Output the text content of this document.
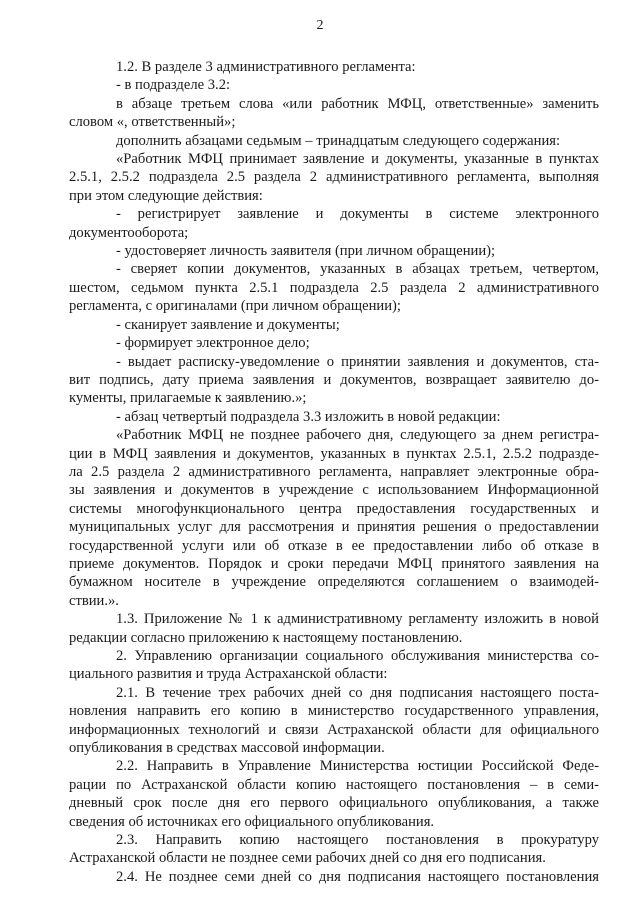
2

1.2. В разделе 3 административного регламента:

- в подразделе 3.2:

в абзаце третьем слова «или работник МФЦ, ответственные» заменить

словом «, ответственный»;

дополнить абзацами седьмым – тринадцатым следующего содержания:

«Работник МФЦ принимает заявление и документы, указанные в пунктах

2.5.1, 2.5.2 подраздела 2.5 раздела 2 административного регламента, выполняя

при этом следующие действия:

- регистрирует заявление и документы в системе электронного

документооборота;

- удостоверяет личность заявителя (при личном обращении);

- сверяет копии документов, указанных в абзацах третьем, четвертом,

шестом, седьмом пункта 2.5.1 подраздела 2.5 раздела 2 административного

регламента, с оригиналами (при личном обращении);

- сканирует заявление и документы;

- формирует электронное дело;

- выдает расписку-уведомление о принятии заявления и документов, ста-

вит подпись, дату приема заявления и документов, возвращает заявителю до-

кументы, прилагаемые к заявлению.»;

- абзац четвертый подраздела 3.3 изложить в новой редакции:

«Работник МФЦ не позднее рабочего дня, следующего за днем регистра-

ции в МФЦ заявления и документов, указанных в пунктах 2.5.1, 2.5.2 подразде-

ла 2.5 раздела 2 административного регламента, направляет электронные обра-

зы заявления и документов в учреждение с использованием Информационной

системы многофункционального центра предоставления государственных и

муниципальных услуг для рассмотрения и принятия решения о предоставлении

государственной услуги или об отказе в ее предоставлении либо об отказе в

приеме документов. Порядок и сроки передачи МФЦ принятого заявления на

бумажном носителе в учреждение определяются соглашением о взаимодей-

ствии.».

1.3. Приложение № 1 к административному регламенту изложить в новой

редакции согласно приложению к настоящему постановлению.

2. Управлению организации социального обслуживания министерства со-

циального развития и труда Астраханской области:

2.1. В течение трех рабочих дней со дня подписания настоящего поста-

новления направить его копию в министерство государственного управления,

информационных технологий и связи Астраханской области для официального

опубликования в средствах массовой информации.

2.2. Направить в Управление Министерства юстиции Российской Феде-

рации по Астраханской области копию настоящего постановления – в семи-

дневный срок после дня его первого официального опубликования, а также

сведения об источниках его официального опубликования.

2.3. Направить копию настоящего постановления в прокуратуру

Астраханской области не позднее семи рабочих дней со дня его подписания.

2.4. Не позднее семи дней со дня подписания настоящего постановления
